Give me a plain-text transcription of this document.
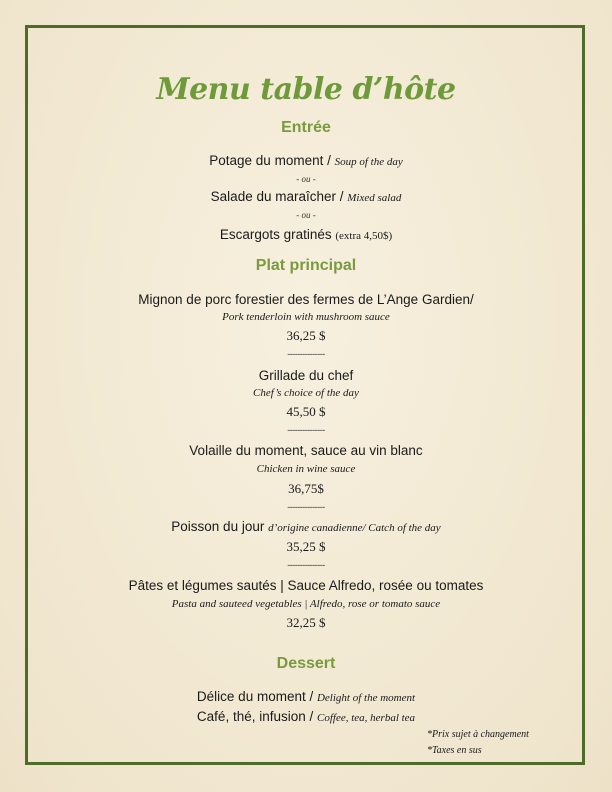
Menu table d’hôte
Entrée
Potage du moment / Soup of the day
- ou -
Salade du maraîcher / Mixed salad
- ou -
Escargots gratinés (extra 4,50$)
Plat principal
Mignon de porc forestier des fermes de L’Ange Gardien/
Pork tenderloin with mushroom sauce
36,25 $
---------------
Grillade du chef
Chef’s choice of the day
45,50 $
---------------
Volaille du moment, sauce au vin blanc
Chicken in wine sauce
36,75$
---------------
Poisson du jour d’origine canadienne/ Catch of the day
35,25 $
---------------
Pâtes et légumes sautés | Sauce Alfredo, rosée ou tomates
Pasta and sauteed vegetables | Alfredo, rose or tomato sauce
32,25 $
Dessert
Délice du moment / Delight of the moment
Café, thé, infusion / Coffee, tea, herbal tea
*Prix sujet à changement
*Taxes en sus
